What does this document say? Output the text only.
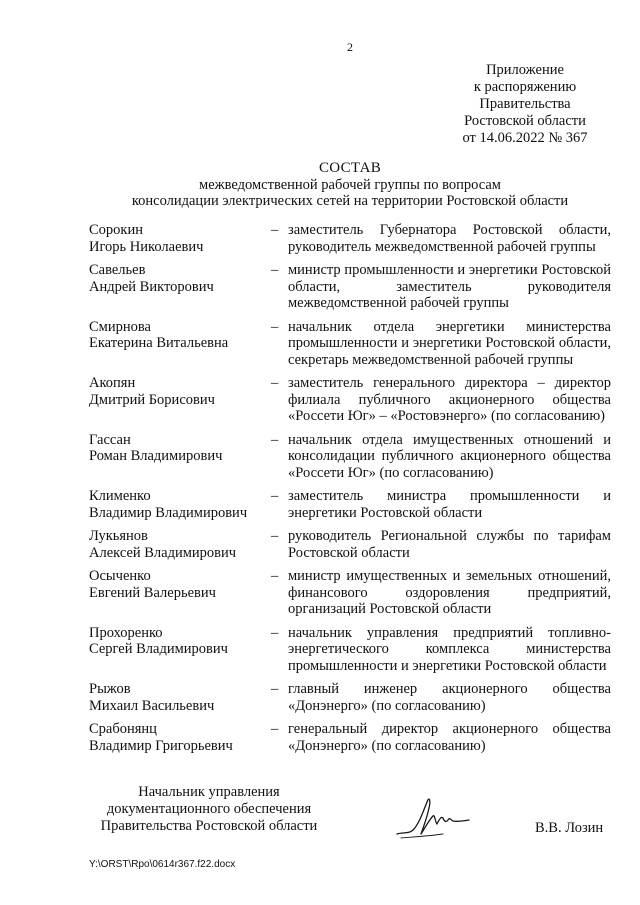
2
Приложение
к распоряжению
Правительства
Ростовской области
от 14.06.2022 № 367
СОСТАВ
межведомственной рабочей группы по вопросам
консолидации электрических сетей на территории Ростовской области
Сорокин
Игорь Николаевич
– заместитель Губернатора Ростовской области, руководитель межведомственной рабочей группы
Савельев
Андрей Викторович
– министр промышленности и энергетики Ростовской области, заместитель руководителя межведомственной рабочей группы
Смирнова
Екатерина Витальевна
– начальник отдела энергетики министерства промышленности и энергетики Ростовской области, секретарь межведомственной рабочей группы
Акопян
Дмитрий Борисович
– заместитель генерального директора – директор филиала публичного акционерного общества «Россети Юг» – «Ростовэнерго» (по согласованию)
Гассан
Роман Владимирович
– начальник отдела имущественных отношений и консолидации публичного акционерного общества «Россети Юг» (по согласованию)
Клименко
Владимир Владимирович
– заместитель министра промышленности и энергетики Ростовской области
Лукьянов
Алексей Владимирович
– руководитель Региональной службы по тарифам Ростовской области
Осыченко
Евгений Валерьевич
– министр имущественных и земельных отношений, финансового оздоровления предприятий, организаций Ростовской области
Прохоренко
Сергей Владимирович
– начальник управления предприятий топливно-энергетического комплекса министерства промышленности и энергетики Ростовской области
Рыжов
Михаил Васильевич
– главный инженер акционерного общества «Донэнерго» (по согласованию)
Срабонянц
Владимир Григорьевич
– генеральный директор акционерного общества «Донэнерго» (по согласованию)
Начальник управления
документационного обеспечения
Правительства Ростовской области	В.В. Лозин
Y:\ORST\Rpo\0614r367.f22.docx
